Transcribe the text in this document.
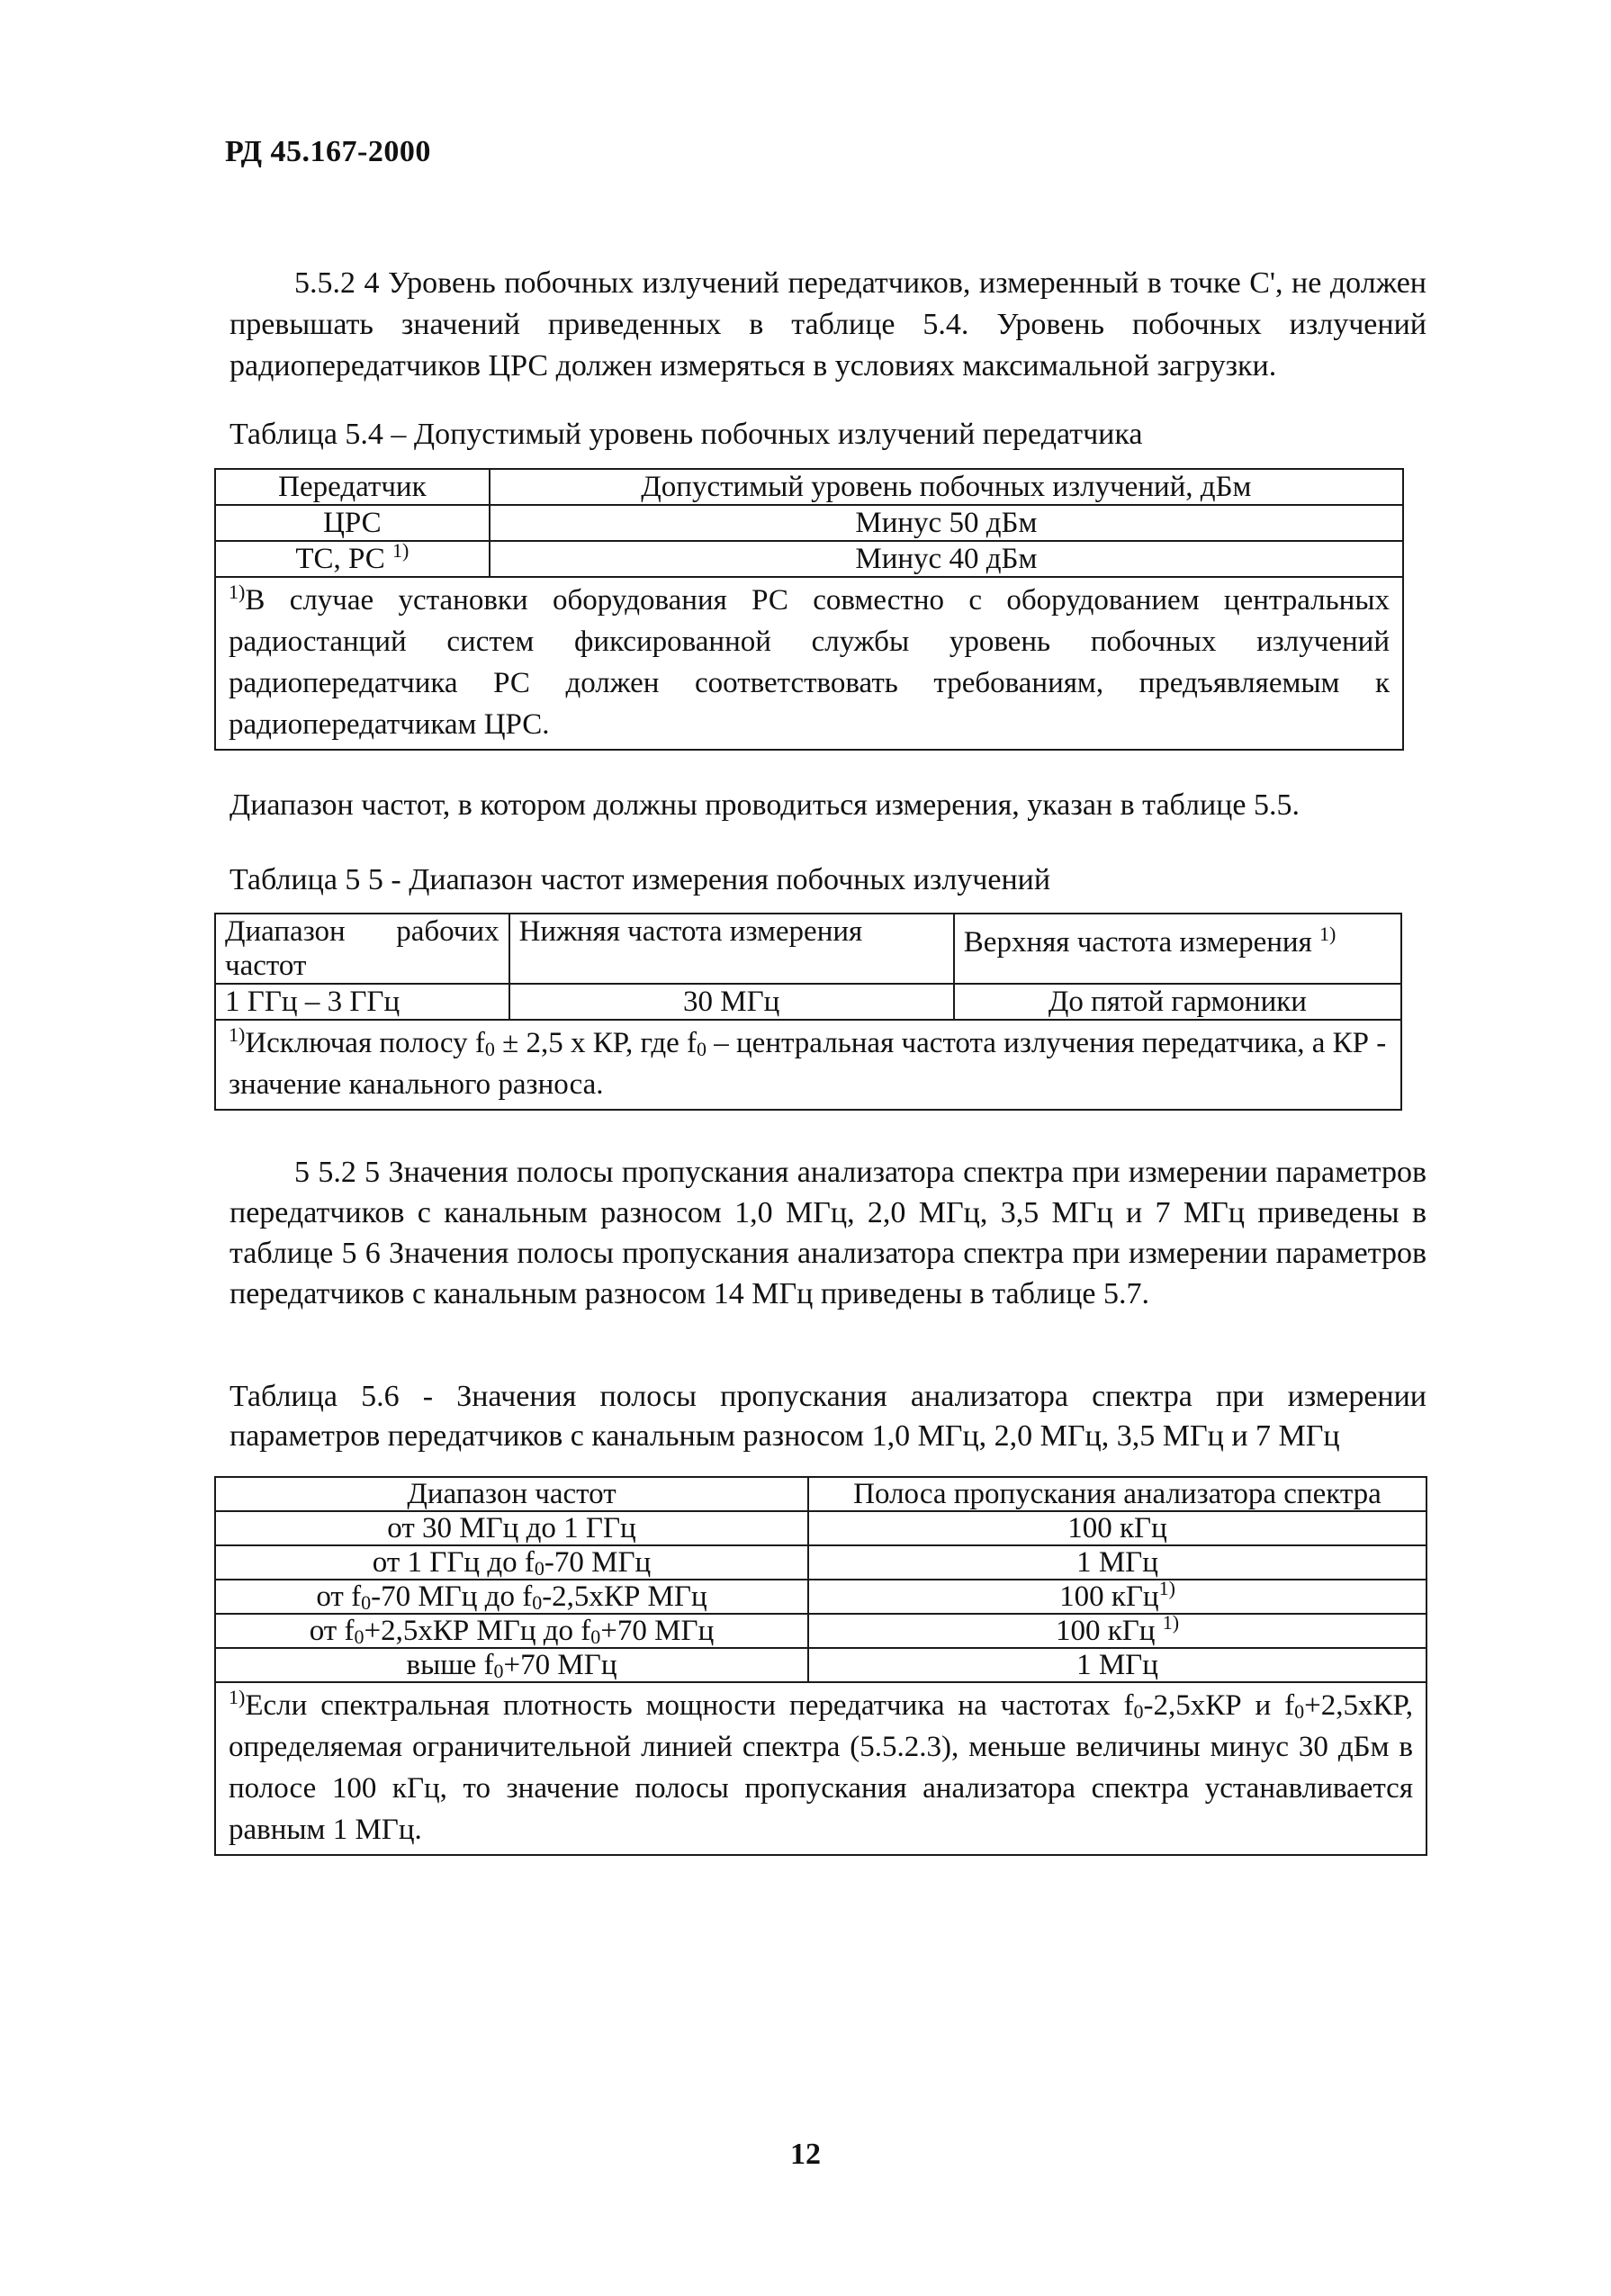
РД 45.167-2000

5.5.2 4 Уровень побочных излучений передатчиков, измеренный в точке С', не должен превышать значений приведенных в таблице 5.4. Уровень побочных излучений радиопередатчиков ЦРС должен измеряться в условиях максимальной загрузки.

Таблица 5.4 – Допустимый уровень побочных излучений передатчика

Передатчик	Допустимый уровень побочных излучений, дБм
ЦРС	Минус 50 дБм
ТС, РС $^{1)}$	Минус 40 дБм
$^{1)}$В случае установки оборудования РС совместно с оборудованием центральных радиостанций систем фиксированной службы уровень побочных излучений радиопередатчика РС должен соответствовать требованиям, предъявляемым к радиопередатчикам ЦРС.	

Диапазон частот, в котором должны проводиться измерения, указан в таблице 5.5.

Таблица 5 5 - Диапазон частот измерения побочных излучений

Диапазон рабочих частот	Нижняя частота измерения	Верхняя частота измерения $^{1)}$
1 ГГц – 3 ГГц	30 МГц	До пятой гармоники
$^{1)}$Исключая полосу $f_0 \pm 2,5$ x КР, где $f_0$ – центральная частота излучения передатчика, а КР - значение канального разноса.		

5 5.2 5 Значения полосы пропускания анализатора спектра при измерении параметров передатчиков с канальным разносом 1,0 МГц, 2,0 МГц, 3,5 МГц и 7 МГц приведены в таблице 5 6 Значения полосы пропускания анализатора спектра при измерении параметров передатчиков с канальным разносом 14 МГц приведены в таблице 5.7.

Таблица 5.6 - Значения полосы пропускания анализатора спектра при измерении параметров передатчиков с канальным разносом 1,0 МГц, 2,0 МГц, 3,5 МГц и 7 МГц

Диапазон частот	Полоса пропускания анализатора спектра
от 30 МГц до 1 ГГц	100 кГц
от 1 ГГц до $f_0-70$ МГц	1 МГц
от $f_0-70$ МГц до $f_0-2,5хКР$ МГц	100 кГц$^{1)}$
от $f_0+2,5хКР$ МГц до $f_0+70$ МГц	100 кГц $^{1)}$
выше $f_0+70$ МГц	1 МГц
$^{1)}$Если спектральная плотность мощности передатчика на частотах $f_0-2,5хКР$ и $f_0+2,5хКР$, определяемая ограничительной линией спектра (5.5.2.3), меньше величины минус 30 дБм в полосе 100 кГц, то значение полосы пропускания анализатора спектра устанавливается равным 1 МГц.	
12
